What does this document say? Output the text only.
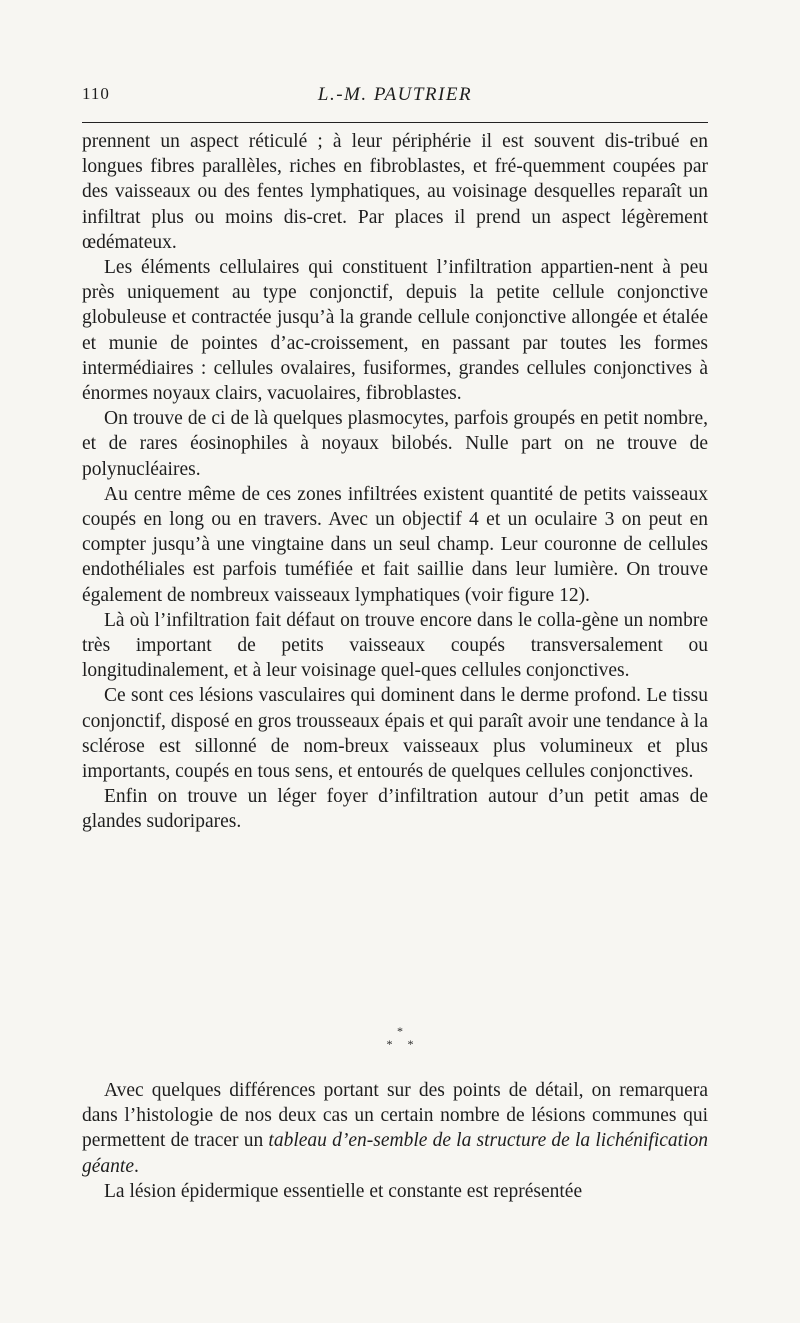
110	L.-M. PAUTRIER

prennent un aspect réticulé ; à leur périphérie il est souvent dis-tribué en longues fibres parallèles, riches en fibroblastes, et fré-quemment coupées par des vaisseaux ou des fentes lymphatiques, au voisinage desquelles reparaît un infiltrat plus ou moins dis-cret. Par places il prend un aspect légèrement œdémateux.

Les éléments cellulaires qui constituent l’infiltration appartien-nent à peu près uniquement au type conjonctif, depuis la petite cellule conjonctive globuleuse et contractée jusqu’à la grande cellule conjonctive allongée et étalée et munie de pointes d’ac-croissement, en passant par toutes les formes intermédiaires : cellules ovalaires, fusiformes, grandes cellules conjonctives à énormes noyaux clairs, vacuolaires, fibroblastes.

On trouve de ci de là quelques plasmocytes, parfois groupés en petit nombre, et de rares éosinophiles à noyaux bilobés. Nulle part on ne trouve de polynucléaires.

Au centre même de ces zones infiltrées existent quantité de petits vaisseaux coupés en long ou en travers. Avec un objectif 4 et un oculaire 3 on peut en compter jusqu’à une vingtaine dans un seul champ. Leur couronne de cellules endothéliales est parfois tuméfiée et fait saillie dans leur lumière. On trouve également de nombreux vaisseaux lymphatiques (voir figure 12).

Là où l’infiltration fait défaut on trouve encore dans le colla-gène un nombre très important de petits vaisseaux coupés transversalement ou longitudinalement, et à leur voisinage quel-ques cellules conjonctives.

Ce sont ces lésions vasculaires qui dominent dans le derme profond. Le tissu conjonctif, disposé en gros trousseaux épais et qui paraît avoir une tendance à la sclérose est sillonné de nom-breux vaisseaux plus volumineux et plus importants, coupés en tous sens, et entourés de quelques cellules conjonctives.

Enfin on trouve un léger foyer d’infiltration autour d’un petit amas de glandes sudoripares.

*
* *

Avec quelques différences portant sur des points de détail, on remarquera dans l’histologie de nos deux cas un certain nombre de lésions communes qui permettent de tracer un tableau d’en-semble de la structure de la lichénification géante.

La lésion épidermique essentielle et constante est représentée
